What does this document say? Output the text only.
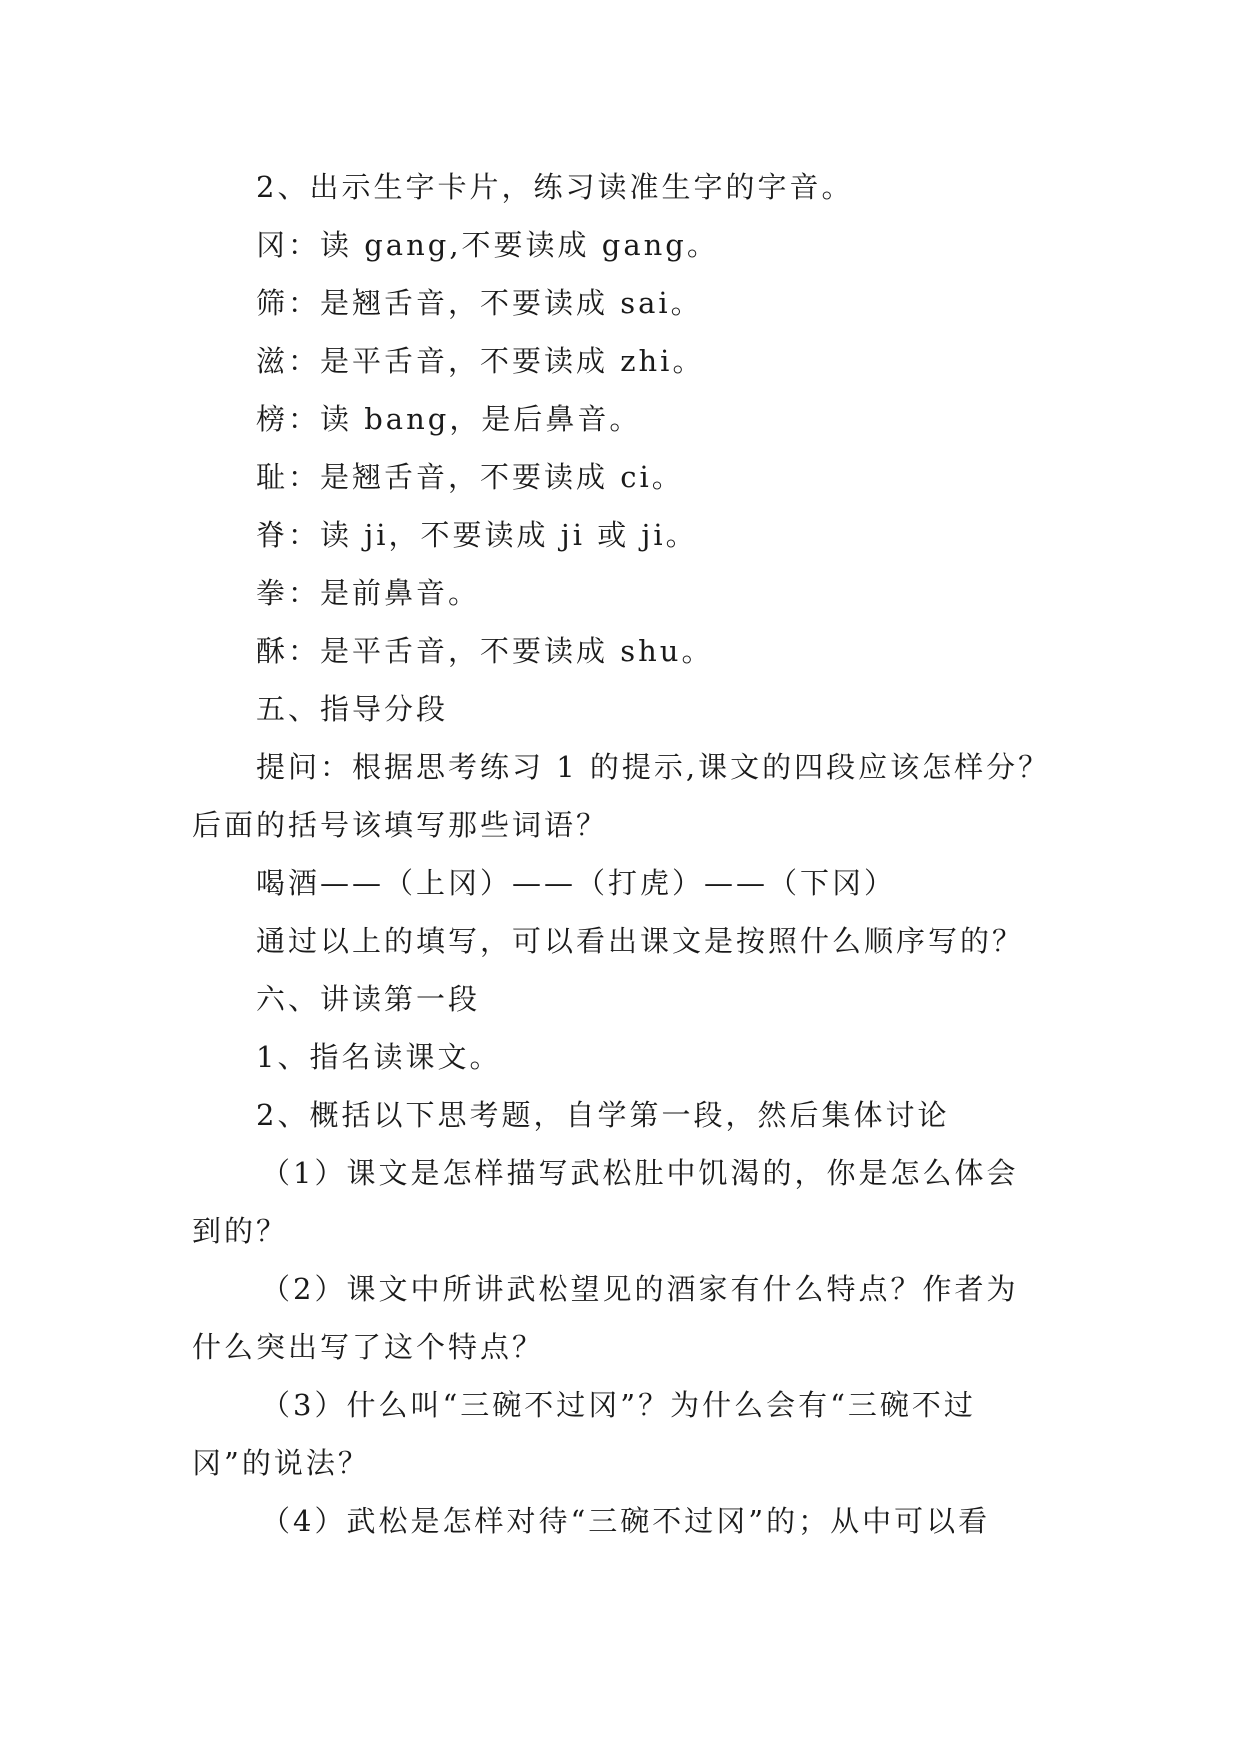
2、出示生字卡片，练习读准生字的字音。
冈：读 gang,不要读成 gang。
筛：是翘舌音，不要读成 sai。
滋：是平舌音，不要读成 zhi。
榜：读 bang，是后鼻音。
耻：是翘舌音，不要读成 ci。
脊：读 ji，不要读成 ji 或 ji。
拳：是前鼻音。
酥：是平舌音，不要读成 shu。
五、指导分段
提问：根据思考练习 1 的提示,课文的四段应该怎样分？
后面的括号该填写那些词语？
喝酒——（上冈）——（打虎）——（下冈）
通过以上的填写，可以看出课文是按照什么顺序写的？
六、讲读第一段
1、指名读课文。
2、概括以下思考题，自学第一段，然后集体讨论
（1）课文是怎样描写武松肚中饥渴的，你是怎么体会
到的？
（2）课文中所讲武松望见的酒家有什么特点？作者为
什么突出写了这个特点？
（3）什么叫“三碗不过冈”？为什么会有“三碗不过
冈”的说法？
（4）武松是怎样对待“三碗不过冈”的；从中可以看
